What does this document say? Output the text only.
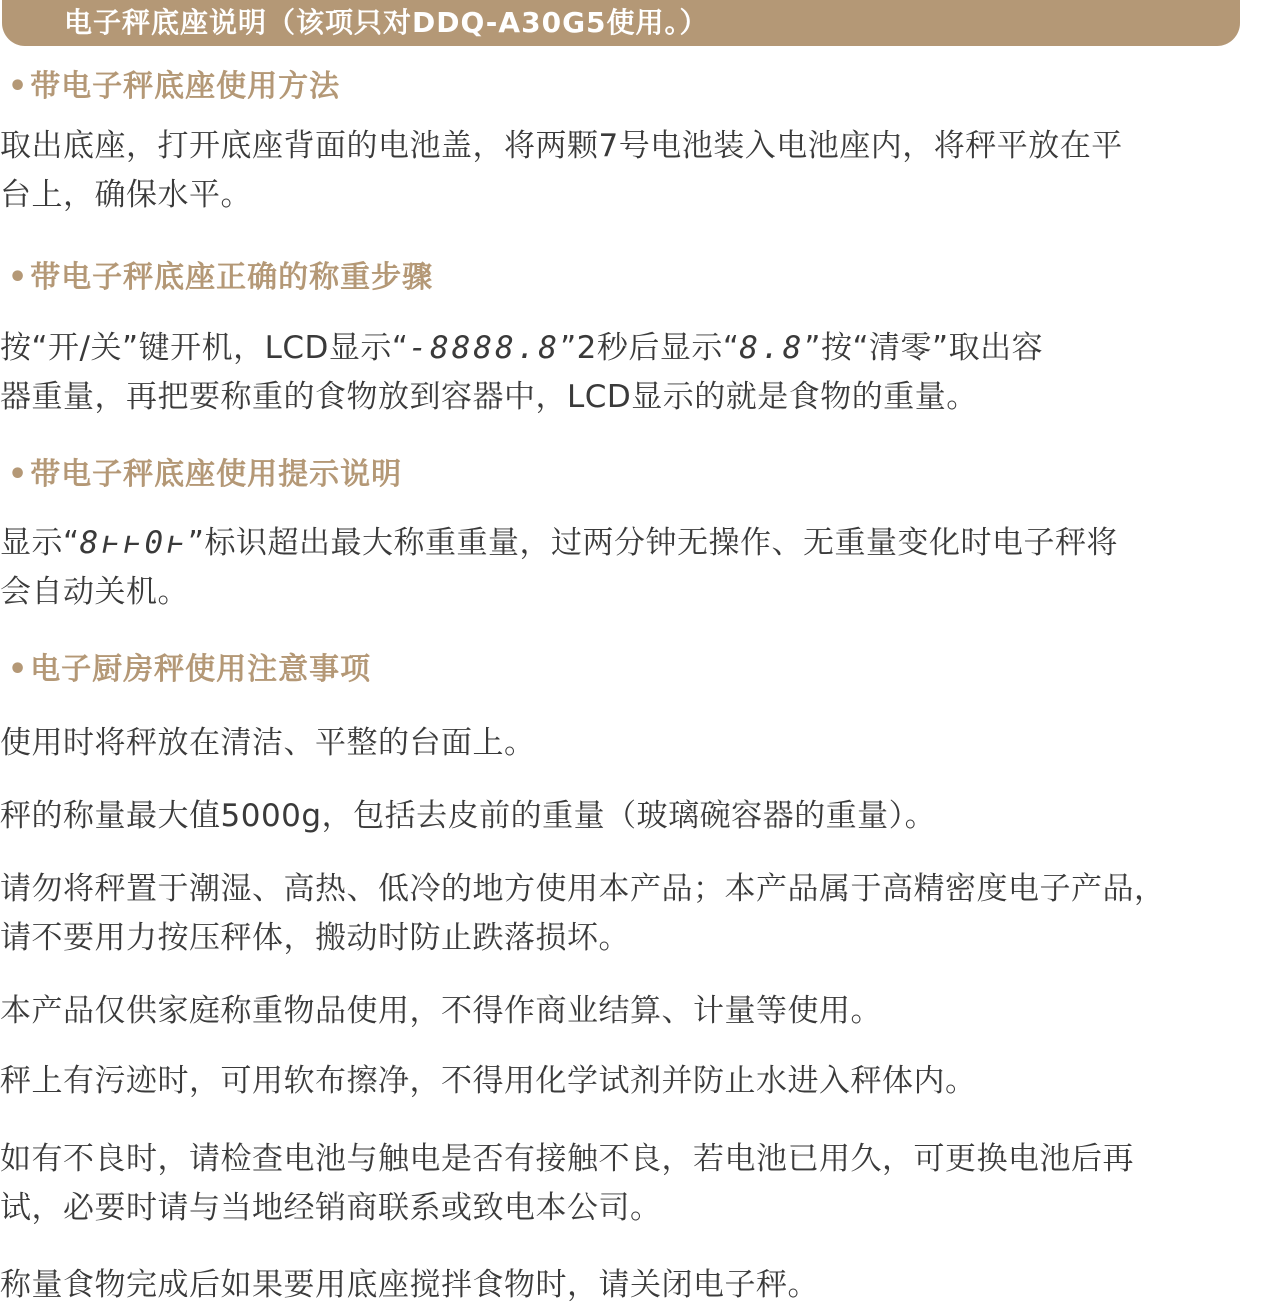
电子秤底座说明（该项只对DDQ-A30G5使用。）
•带电子秤底座使用方法
取出底座，打开底座背面的电池盖，将两颗7号电池装入电池座内，将秤平放在平
台上，确保水平。
•带电子秤底座正确的称重步骤
按“开/关”键开机，LCD显示“-8888.8”2秒后显示“8.8”按“清零”取出容
器重量，再把要称重的食物放到容器中，LCD显示的就是食物的重量。
•带电子秤底座使用提示说明
显示“8ⱶⱶ0ⱶ”标识超出最大称重重量，过两分钟无操作、无重量变化时电子秤将
会自动关机。
•电子厨房秤使用注意事项
使用时将秤放在清洁、平整的台面上。
秤的称量最大值5000g，包括去皮前的重量（玻璃碗容器的重量）。
请勿将秤置于潮湿、高热、低冷的地方使用本产品；本产品属于高精密度电子产品，
请不要用力按压秤体，搬动时防止跌落损坏。
本产品仅供家庭称重物品使用，不得作商业结算、计量等使用。
秤上有污迹时，可用软布擦净，不得用化学试剂并防止水进入秤体内。
如有不良时，请检查电池与触电是否有接触不良，若电池已用久，可更换电池后再
试，必要时请与当地经销商联系或致电本公司。
称量食物完成后如果要用底座搅拌食物时，请关闭电子秤。
